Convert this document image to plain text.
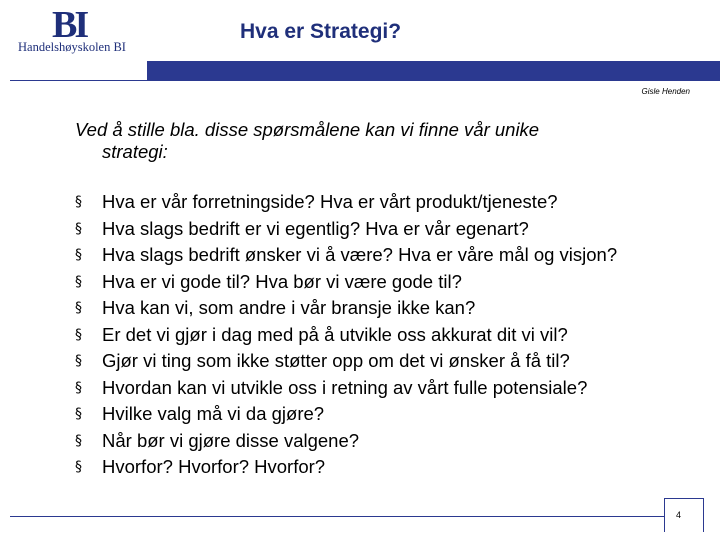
BI
Handelshøyskolen BI
Hva er Strategi?
Gisle Henden
Ved å stille bla. disse spørsmålene kan vi finne vår unike
strategi:
§ Hva er vår forretningside? Hva er vårt produkt/tjeneste?
§ Hva slags bedrift er vi egentlig? Hva er vår egenart?
§ Hva slags bedrift ønsker vi å være? Hva er våre mål og visjon?
§ Hva er vi gode til? Hva bør vi være gode til?
§ Hva kan vi, som andre i vår bransje ikke kan?
§ Er det vi gjør i dag med på å utvikle oss akkurat dit vi vil?
§ Gjør vi ting som ikke støtter opp om det vi ønsker å få til?
§ Hvordan kan vi utvikle oss i retning av vårt fulle potensiale?
§ Hvilke valg må vi da gjøre?
§ Når bør vi gjøre disse valgene?
§ Hvorfor? Hvorfor? Hvorfor?
4
